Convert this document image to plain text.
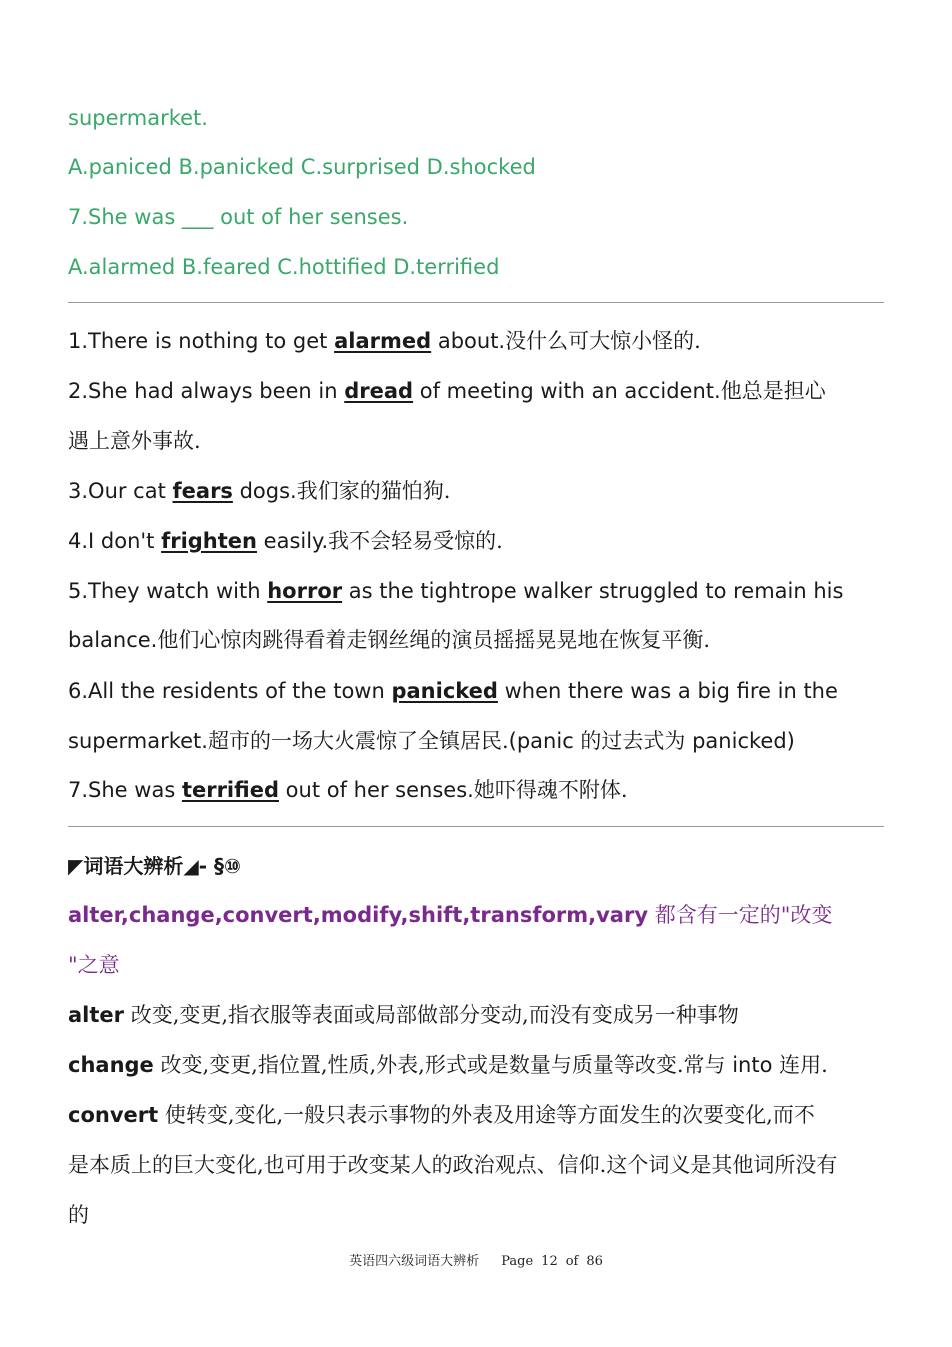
supermarket.
A.paniced B.panicked C.surprised D.shocked
7.She was ___ out of her senses.
A.alarmed B.feared C.hottified D.terrified
1.There is nothing to get alarmed about.没什么可大惊小怪的.
2.She had always been in dread of meeting with an accident.他总是担心
遇上意外事故.
3.Our cat fears dogs.我们家的猫怕狗.
4.I don't frighten easily.我不会轻易受惊的.
5.They watch with horror as the tightrope walker struggled to remain his
balance.他们心惊肉跳得看着走钢丝绳的演员摇摇晃晃地在恢复平衡.
6.All the residents of the town panicked when there was a big fire in the
supermarket.超市的一场大火震惊了全镇居民.(panic 的过去式为 panicked)
7.She was terrified out of her senses.她吓得魂不附体.
◤词语大辨析◢- §⑩
alter,change,convert,modify,shift,transform,vary 都含有一定的"改变
"之意
alter 改变,变更,指衣服等表面或局部做部分变动,而没有变成另一种事物
change 改变,变更,指位置,性质,外表,形式或是数量与质量等改变.常与 into 连用.
convert 使转变,变化,一般只表示事物的外表及用途等方面发生的次要变化,而不
是本质上的巨大变化,也可用于改变某人的政治观点、信仰.这个词义是其他词所没有
的
英语四六级词语大辨析 Page 12 of 86
